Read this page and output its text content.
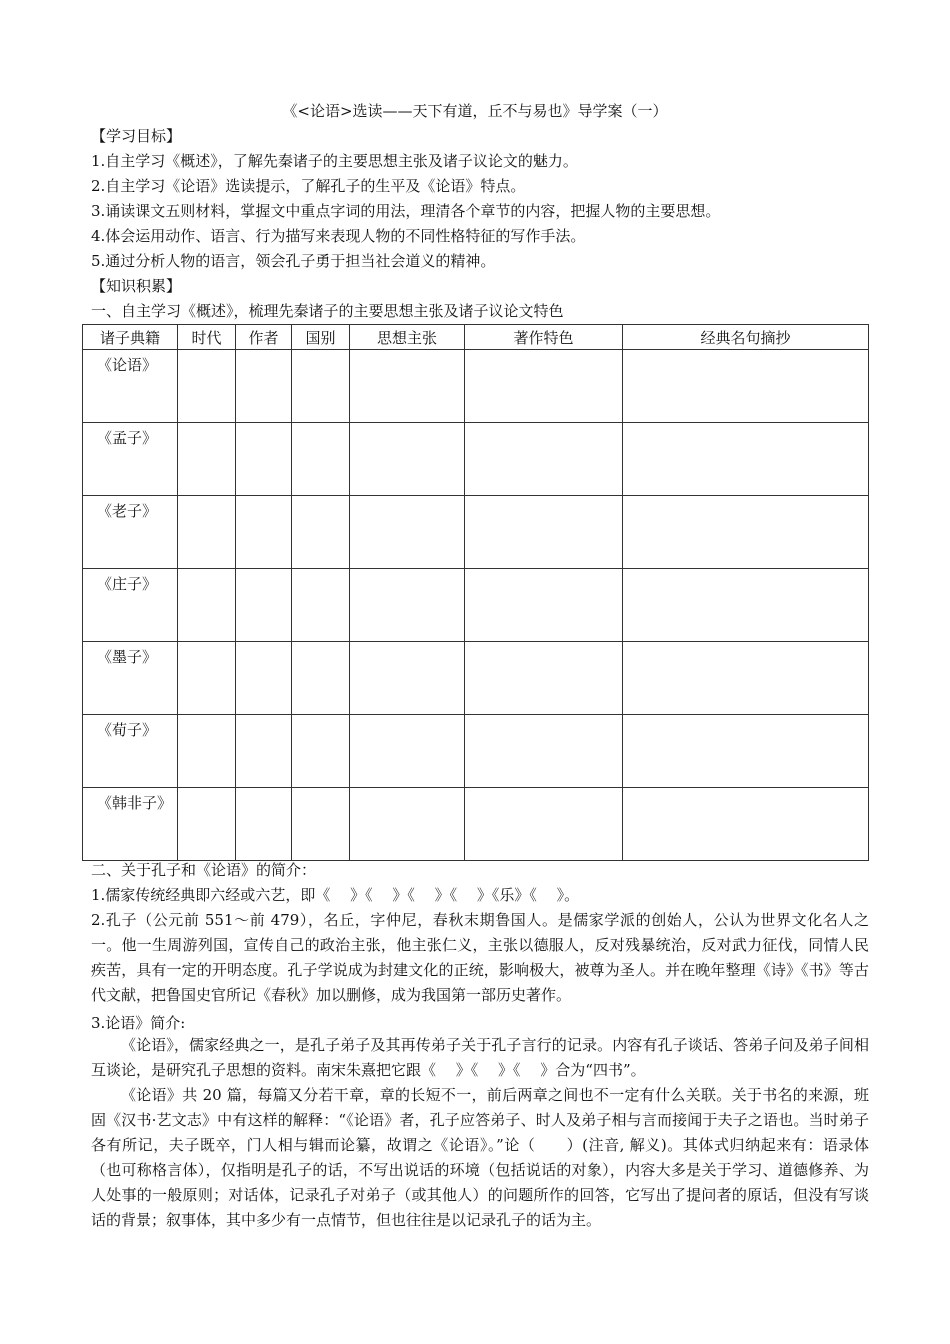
《<论语>选读——天下有道，丘不与易也》导学案（一）
【学习目标】
1.自主学习《概述》，了解先秦诸子的主要思想主张及诸子议论文的魅力。
2.自主学习《论语》选读提示，了解孔子的生平及《论语》特点。
3.诵读课文五则材料，掌握文中重点字词的用法，理清各个章节的内容，把握人物的主要思想。
4.体会运用动作、语言、行为描写来表现人物的不同性格特征的写作手法。
5.通过分析人物的语言，领会孔子勇于担当社会道义的精神。
【知识积累】
一、自主学习《概述》，梳理先秦诸子的主要思想主张及诸子议论文特色
诸子典籍	时代	作者	国别	思想主张	著作特色	经典名句摘抄
《论语》						
《孟子》						
《老子》						
《庄子》						
《墨子》						
《荀子》						
《韩非子》						
二、关于孔子和《论语》的简介：
1.儒家传统经典即六经或六艺，即《　 》《　 》《　 》《　 》《乐》《　 》。
2.孔子（公元前 551～前 479），名丘，字仲尼，春秋末期鲁国人。是儒家学派的创始人，公认为世界文化名人之一。他一生周游列国，宣传自己的政治主张，他主张仁义，主张以德服人，反对残暴统治，反对武力征伐，同情人民疾苦，具有一定的开明态度。孔子学说成为封建文化的正统，影响极大，被尊为圣人。并在晚年整理《诗》《书》等古代文献，把鲁国史官所记《春秋》加以删修，成为我国第一部历史著作。
3.论语》简介:
《论语》，儒家经典之一，是孔子弟子及其再传弟子关于孔子言行的记录。内容有孔子谈话、答弟子问及弟子间相互谈论，是研究孔子思想的资料。南宋朱熹把它跟《　 》《　 》《　 》合为“四书”。
《论语》共 20 篇，每篇又分若干章，章的长短不一，前后两章之间也不一定有什么关联。关于书名的来源，班固《汉书·艺文志》中有这样的解释：“《论语》者，孔子应答弟子、时人及弟子相与言而接闻于夫子之语也。当时弟子各有所记，夫子既卒，门人相与辑而论纂，故谓之《论语》。”论（　　）(注音, 解义)。其体式归纳起来有：语录体（也可称格言体），仅指明是孔子的话，不写出说话的环境（包括说话的对象），内容大多是关于学习、道德修养、为人处事的一般原则；对话体，记录孔子对弟子（或其他人）的问题所作的回答，它写出了提问者的原话，但没有写谈话的背景；叙事体，其中多少有一点情节，但也往往是以记录孔子的话为主。
